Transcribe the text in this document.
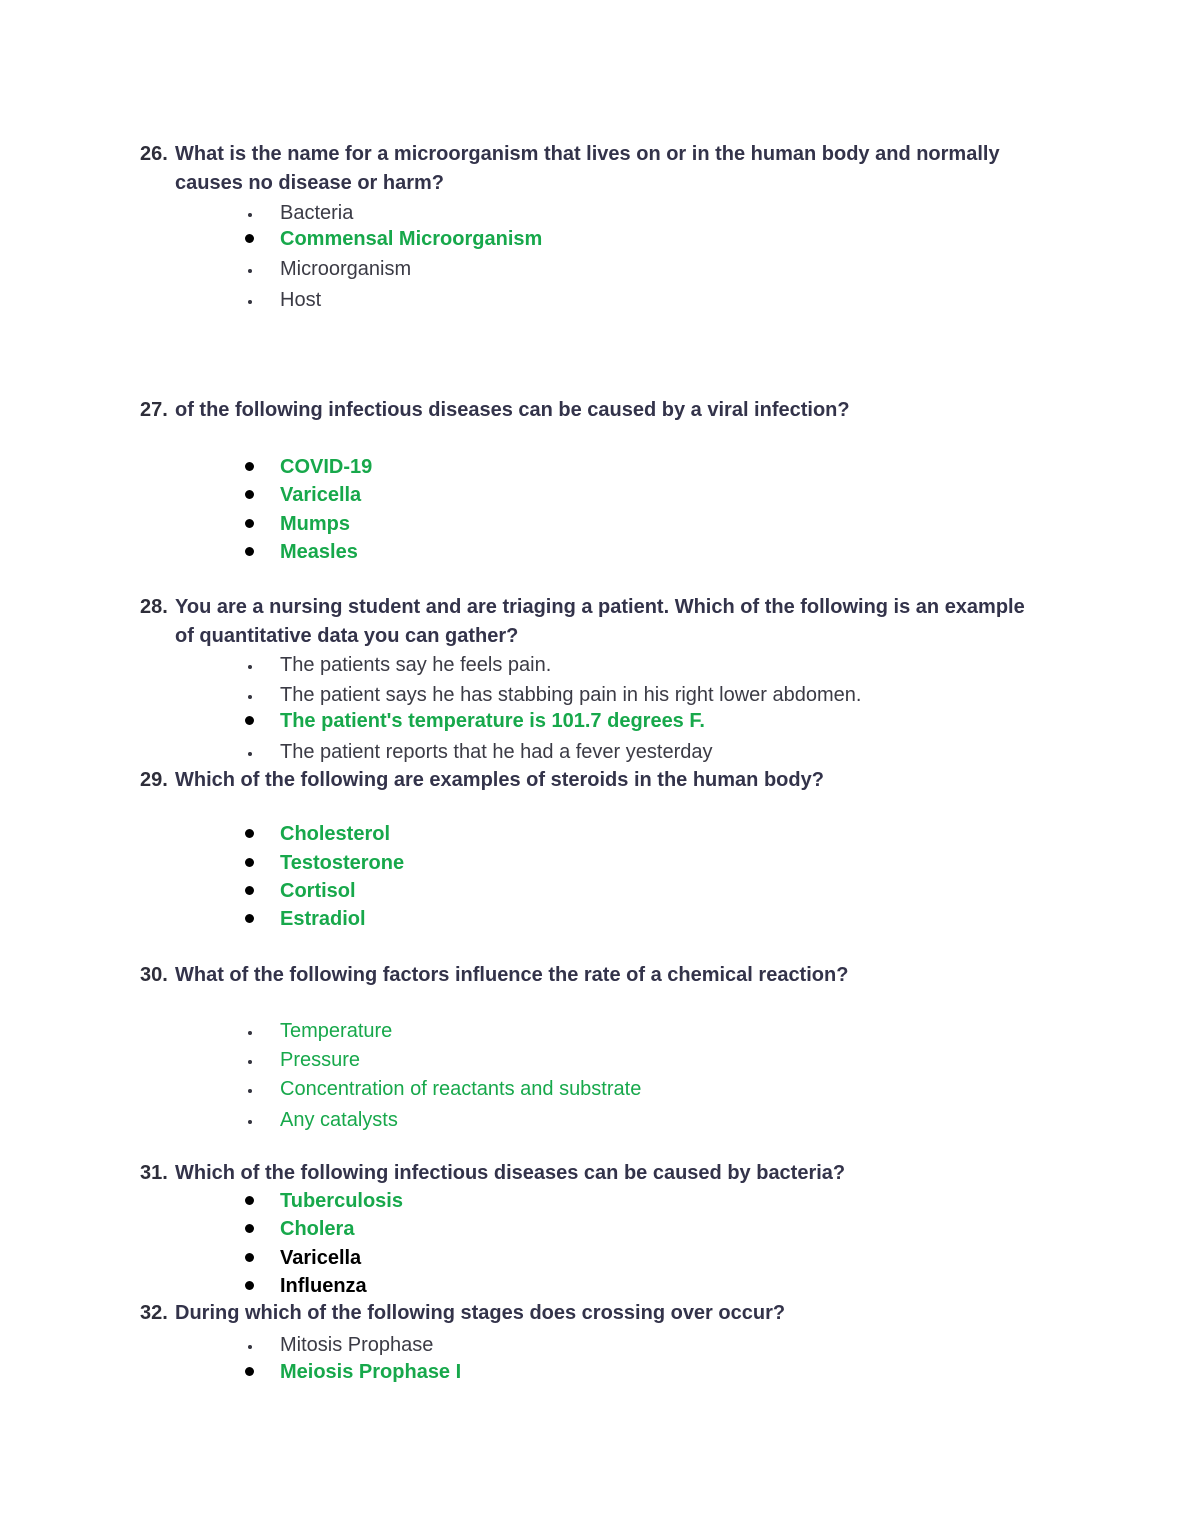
26. What is the name for a microorganism that lives on or in the human body and normally
causes no disease or harm?
Bacteria
Commensal Microorganism
Microorganism
Host
27. of the following infectious diseases can be caused by a viral infection?
COVID-19
Varicella
Mumps
Measles
28. You are a nursing student and are triaging a patient. Which of the following is an example
of quantitative data you can gather?
The patients say he feels pain.
The patient says he has stabbing pain in his right lower abdomen.
The patient's temperature is 101.7 degrees F.
The patient reports that he had a fever yesterday
29. Which of the following are examples of steroids in the human body?
Cholesterol
Testosterone
Cortisol
Estradiol
30. What of the following factors influence the rate of a chemical reaction?
Temperature
Pressure
Concentration of reactants and substrate
Any catalysts
31. Which of the following infectious diseases can be caused by bacteria?
Tuberculosis
Cholera
Varicella
Influenza
32. During which of the following stages does crossing over occur?
Mitosis Prophase
Meiosis Prophase I
